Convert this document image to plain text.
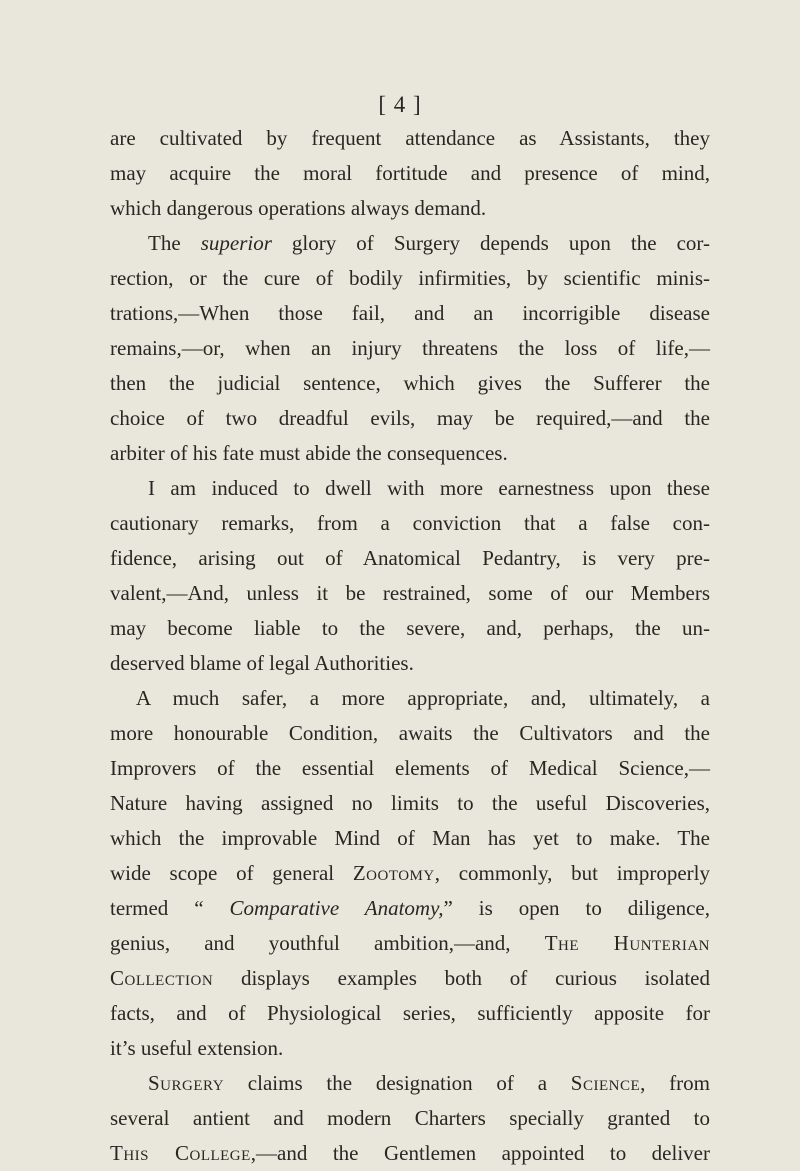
[ 4 ]
are cultivated by frequent attendance as Assistants, they
may acquire the moral fortitude and presence of mind,
which dangerous operations always demand.
The superior glory of Surgery depends upon the cor-
rection, or the cure of bodily infirmities, by scientific minis-
trations,—When those fail, and an incorrigible disease
remains,—or, when an injury threatens the loss of life,—
then the judicial sentence, which gives the Sufferer the
choice of two dreadful evils, may be required,—and the
arbiter of his fate must abide the consequences.
I am induced to dwell with more earnestness upon these
cautionary remarks, from a conviction that a false con-
fidence, arising out of Anatomical Pedantry, is very pre-
valent,—And, unless it be restrained, some of our Members
may become liable to the severe, and, perhaps, the un-
deserved blame of legal Authorities.
A much safer, a more appropriate, and, ultimately, a
more honourable Condition, awaits the Cultivators and the
Improvers of the essential elements of Medical Science,—
Nature having assigned no limits to the useful Discoveries,
which the improvable Mind of Man has yet to make. The
wide scope of general Zootomy, commonly, but improperly
termed “ Comparative Anatomy,” is open to diligence,
genius, and youthful ambition,—and, The Hunterian
Collection displays examples both of curious isolated
facts, and of Physiological series, sufficiently apposite for
it’s useful extension.
Surgery claims the designation of a Science, from
several antient and modern Charters specially granted to
This College,—and the Gentlemen appointed to deliver
